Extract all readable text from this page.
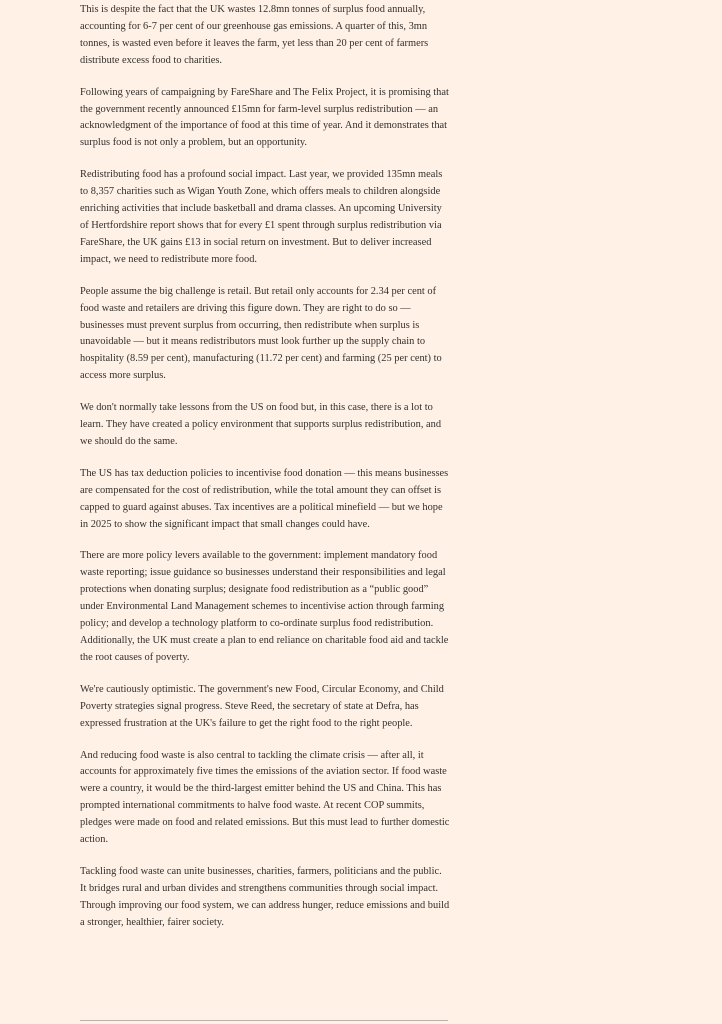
This is despite the fact that the UK wastes 12.8mn tonnes of surplus food annually, accounting for 6-7 per cent of our greenhouse gas emissions. A quarter of this, 3mn tonnes, is wasted even before it leaves the farm, yet less than 20 per cent of farmers distribute excess food to charities.

Following years of campaigning by FareShare and The Felix Project, it is promising that the government recently announced £15mn for farm-level surplus redistribution — an acknowledgment of the importance of food at this time of year. And it demonstrates that surplus food is not only a problem, but an opportunity.

Redistributing food has a profound social impact. Last year, we provided 135mn meals to 8,357 charities such as Wigan Youth Zone, which offers meals to children alongside enriching activities that include basketball and drama classes. An upcoming University of Hertfordshire report shows that for every £1 spent through surplus redistribution via FareShare, the UK gains £13 in social return on investment. But to deliver increased impact, we need to redistribute more food.

People assume the big challenge is retail. But retail only accounts for 2.34 per cent of food waste and retailers are driving this figure down. They are right to do so — businesses must prevent surplus from occurring, then redistribute when surplus is unavoidable — but it means redistributors must look further up the supply chain to hospitality (8.59 per cent), manufacturing (11.72 per cent) and farming (25 per cent) to access more surplus.

We don't normally take lessons from the US on food but, in this case, there is a lot to learn. They have created a policy environment that supports surplus redistribution, and we should do the same.

The US has tax deduction policies to incentivise food donation — this means businesses are compensated for the cost of redistribution, while the total amount they can offset is capped to guard against abuses. Tax incentives are a political minefield — but we hope in 2025 to show the significant impact that small changes could have.

There are more policy levers available to the government: implement mandatory food waste reporting; issue guidance so businesses understand their responsibilities and legal protections when donating surplus; designate food redistribution as a “public good” under Environmental Land Management schemes to incentivise action through farming policy; and develop a technology platform to co-ordinate surplus food redistribution. Additionally, the UK must create a plan to end reliance on charitable food aid and tackle the root causes of poverty.

We're cautiously optimistic. The government's new Food, Circular Economy, and Child Poverty strategies signal progress. Steve Reed, the secretary of state at Defra, has expressed frustration at the UK's failure to get the right food to the right people.

And reducing food waste is also central to tackling the climate crisis — after all, it accounts for approximately five times the emissions of the aviation sector. If food waste were a country, it would be the third-largest emitter behind the US and China. This has prompted international commitments to halve food waste. At recent COP summits, pledges were made on food and related emissions. But this must lead to further domestic action.

Tackling food waste can unite businesses, charities, farmers, politicians and the public. It bridges rural and urban divides and strengthens communities through social impact. Through improving our food system, we can address hunger, reduce emissions and build a stronger, healthier, fairer society.
